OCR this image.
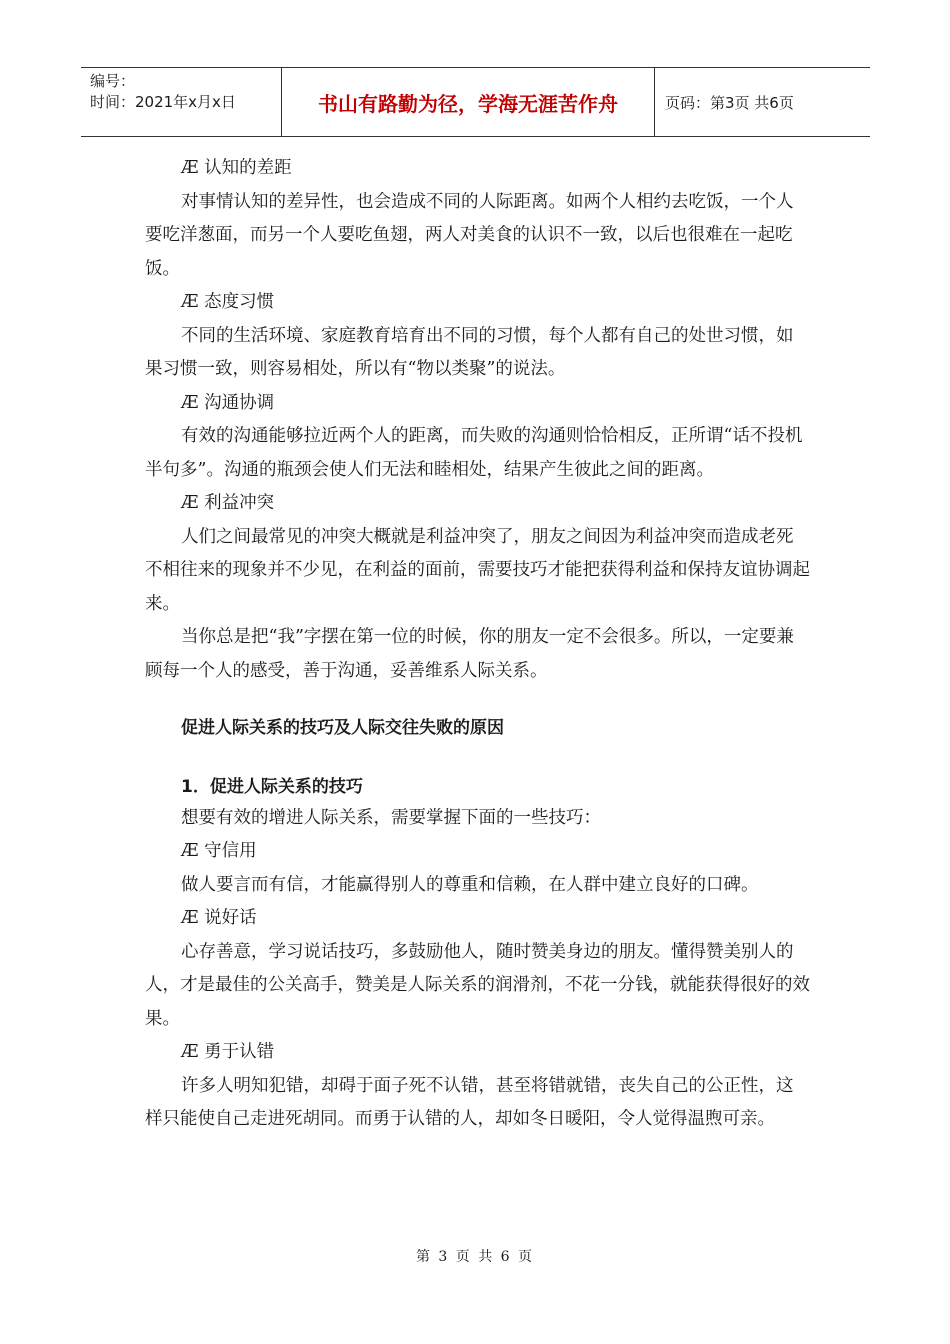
编号：
时间：2021年x月x日	书山有路勤为径，学海无涯苦作舟	页码：第3页 共6页

Æ 认知的差距

对事情认知的差异性，也会造成不同的人际距离。如两个人相约去吃饭，一个人要吃洋葱面，而另一个人要吃鱼翅，两人对美食的认识不一致，以后也很难在一起吃饭。

Æ 态度习惯

不同的生活环境、家庭教育培育出不同的习惯，每个人都有自己的处世习惯，如果习惯一致，则容易相处，所以有“物以类聚”的说法。

Æ 沟通协调

有效的沟通能够拉近两个人的距离，而失败的沟通则恰恰相反，正所谓“话不投机半句多”。沟通的瓶颈会使人们无法和睦相处，结果产生彼此之间的距离。

Æ 利益冲突

人们之间最常见的冲突大概就是利益冲突了，朋友之间因为利益冲突而造成老死不相往来的现象并不少见，在利益的面前，需要技巧才能把获得利益和保持友谊协调起来。

当你总是把“我”字摆在第一位的时候，你的朋友一定不会很多。所以，一定要兼顾每一个人的感受，善于沟通，妥善维系人际关系。

促进人际关系的技巧及人际交往失败的原因

1．促进人际关系的技巧

想要有效的增进人际关系，需要掌握下面的一些技巧：

Æ 守信用

做人要言而有信，才能赢得别人的尊重和信赖，在人群中建立良好的口碑。

Æ 说好话

心存善意，学习说话技巧，多鼓励他人，随时赞美身边的朋友。懂得赞美别人的人，才是最佳的公关高手，赞美是人际关系的润滑剂，不花一分钱，就能获得很好的效果。

Æ 勇于认错

许多人明知犯错，却碍于面子死不认错，甚至将错就错，丧失自己的公正性，这样只能使自己走进死胡同。而勇于认错的人，却如冬日暖阳，令人觉得温煦可亲。

第 3 页 共 6 页
